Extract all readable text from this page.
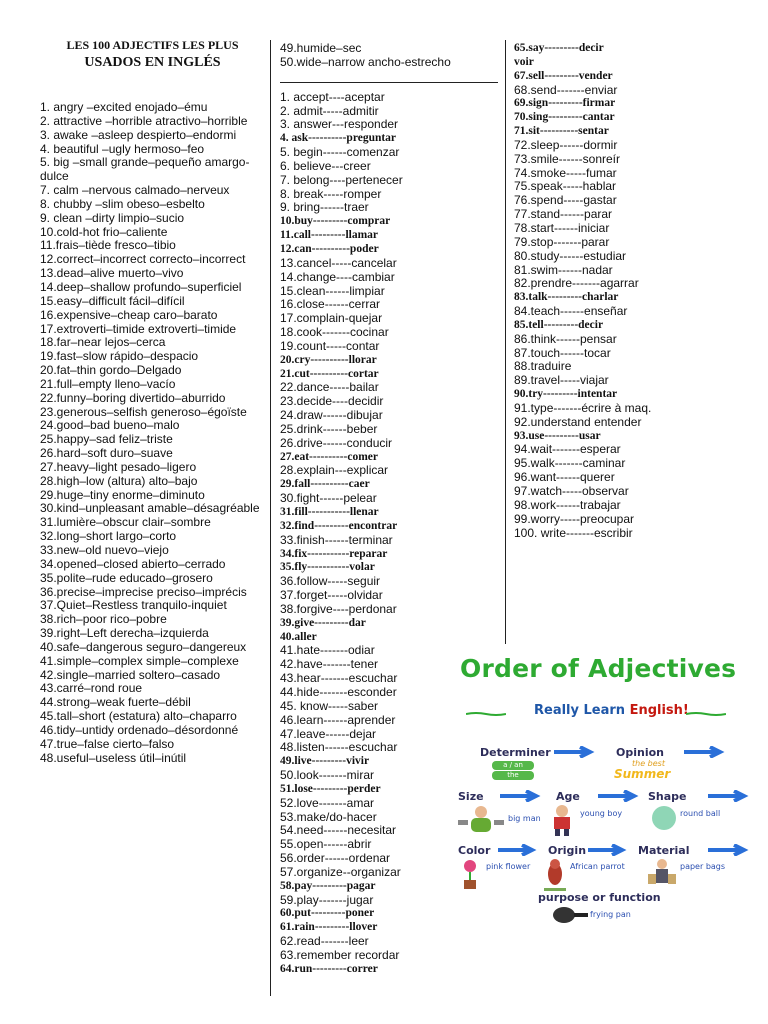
LES 100 ADJECTIFS LES PLUS
USADOS EN INGLÉS
1. angry –excited enojado–ému
2. attractive –horrible atractivo–horrible
3. awake –asleep despierto–endormi
4. beautiful –ugly hermoso–feo
5. big –small grande–pequeño amargo-dulce
7. calm –nervous calmado–nerveux
8. chubby –slim obeso–esbelto
9. clean –dirty limpio–sucio
10.cold-hot frio–caliente
11.frais–tiède fresco–tibio
12.correct–incorrect correcto–incorrect
13.dead–alive muerto–vivo
14.deep–shallow profundo–superficiel
15.easy–difficult fácil–difícil
16.expensive–cheap caro–barato
17.extroverti–timide extroverti–timide
18.far–near lejos–cerca
19.fast–slow rápido–despacio
20.fat–thin gordo–Delgado
21.full–empty lleno–vacío
22.funny–boring divertido–aburrido
23.generous–selfish generoso–égoïste
24.good–bad bueno–malo
25.happy–sad feliz–triste
26.hard–soft duro–suave
27.heavy–light pesado–ligero
28.high–low (altura) alto–bajo
29.huge–tiny enorme–diminuto
30.kind–unpleasant amable–désagréable
31.lumière–obscur clair–sombre
32.long–short largo–corto
33.new–old nuevo–viejo
34.opened–closed abierto–cerrado
35.polite–rude educado–grosero
36.precise–imprecise preciso–imprécis
37.Quiet–Restless tranquilo-inquiet
38.rich–poor rico–pobre
39.right–Left derecha–izquierda
40.safe–dangerous seguro–dangereux
41.simple–complex simple–complexe
42.single–married soltero–casado
43.carré–rond roue
44.strong–weak fuerte–débil
45.tall–short (estatura) alto–chaparro
46.tidy–untidy ordenado–désordonné
47.true–false cierto–falso
48.useful–useless útil–inútil
49.humide–sec
50.wide–narrow ancho-estrecho
1. accept----aceptar
2. admit-----admitir
3. answer---responder
4. ask----------preguntar
5. begin------comenzar
6. believe---creer
7. belong----pertenecer
8. break-----romper
9. bring------traer
10.buy---------comprar
11.call---------llamar
12.can----------poder
13.cancel-----cancelar
14.change----cambiar
15.clean------limpiar
16.close------cerrar
17.complain-quejar
18.cook-------cocinar
19.count-----contar
20.cry----------llorar
21.cut----------cortar
22.dance-----bailar
23.decide----decidir
24.draw------dibujar
25.drink------beber
26.drive------conducir
27.eat----------comer
28.explain---explicar
29.fall----------caer
30.fight------pelear
31.fill-----------llenar
32.find---------encontrar
33.finish------terminar
34.fix-----------reparar
35.fly-----------volar
36.follow-----seguir
37.forget-----olvidar
38.forgive----perdonar
39.give---------dar
40.aller
41.hate-------odiar
42.have-------tener
43.hear-------escuchar
44.hide-------esconder
45. know-----saber
46.learn------aprender
47.leave------dejar
48.listen------escuchar
49.live---------vivir
50.look-------mirar
51.lose---------perder
52.love-------amar
53.make/do-hacer
54.need------necesitar
55.open------abrir
56.order------ordenar
57.organize--organizar
58.pay---------pagar
59.play-------jugar
60.put---------poner
61.rain---------llover
62.read-------leer
63.remember recordar
64.run---------correr
65.say---------decir
voir
67.sell---------vender
68.send-------enviar
69.sign---------firmar
70.sing---------cantar
71.sit----------sentar
72.sleep------dormir
73.smile------sonreír
74.smoke-----fumar
75.speak-----hablar
76.spend-----gastar
77.stand------parar
78.start------iniciar
79.stop-------parar
80.study------estudiar
81.swim------nadar
82.prendre-------agarrar
83.talk---------charlar
84.teach------enseñar
85.tell---------decir
86.think------pensar
87.touch------tocar
88.traduire
89.travel-----viajar
90.try---------intentar
91.type-------écrire à maq.
92.understand entender
93.use---------usar
94.wait-------esperar
95.walk-------caminar
96.want------querer
97.watch-----observar
98.work------trabajar
99.worry-----preocupar
100. write-------escribir
Order of Adjectives
Really Learn English!
Determiner
a / an
the
Opinion
the best
Summer
Size
big man
Age
young boy
Shape
round ball
Color
pink flower
Origin
African parrot
Material
paper bags
purpose or function
frying pan
